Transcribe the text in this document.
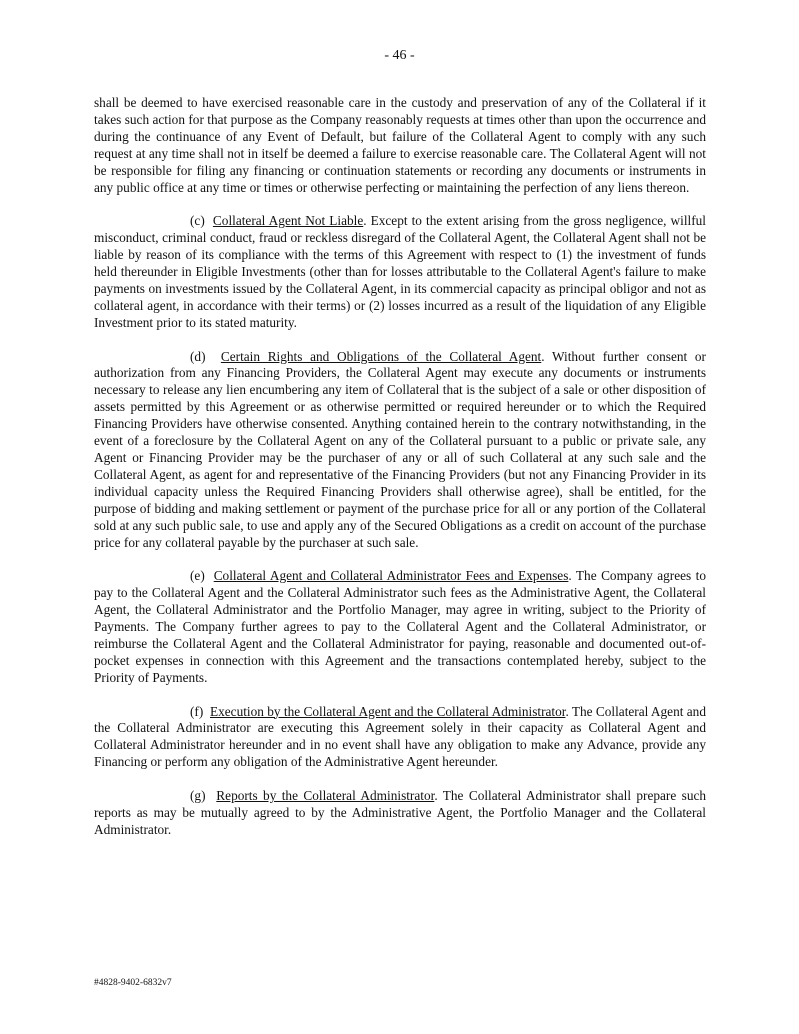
- 46 -

shall be deemed to have exercised reasonable care in the custody and preservation of any of the Collateral if it takes such action for that purpose as the Company reasonably requests at times other than upon the occurrence and during the continuance of any Event of Default, but failure of the Collateral Agent to comply with any such request at any time shall not in itself be deemed a failure to exercise reasonable care. The Collateral Agent will not be responsible for filing any financing or continuation statements or recording any documents or instruments in any public office at any time or times or otherwise perfecting or maintaining the perfection of any liens thereon.

(c) Collateral Agent Not Liable. Except to the extent arising from the gross negligence, willful misconduct, criminal conduct, fraud or reckless disregard of the Collateral Agent, the Collateral Agent shall not be liable by reason of its compliance with the terms of this Agreement with respect to (1) the investment of funds held thereunder in Eligible Investments (other than for losses attributable to the Collateral Agent's failure to make payments on investments issued by the Collateral Agent, in its commercial capacity as principal obligor and not as collateral agent, in accordance with their terms) or (2) losses incurred as a result of the liquidation of any Eligible Investment prior to its stated maturity.

(d) Certain Rights and Obligations of the Collateral Agent. Without further consent or authorization from any Financing Providers, the Collateral Agent may execute any documents or instruments necessary to release any lien encumbering any item of Collateral that is the subject of a sale or other disposition of assets permitted by this Agreement or as otherwise permitted or required hereunder or to which the Required Financing Providers have otherwise consented. Anything contained herein to the contrary notwithstanding, in the event of a foreclosure by the Collateral Agent on any of the Collateral pursuant to a public or private sale, any Agent or Financing Provider may be the purchaser of any or all of such Collateral at any such sale and the Collateral Agent, as agent for and representative of the Financing Providers (but not any Financing Provider in its individual capacity unless the Required Financing Providers shall otherwise agree), shall be entitled, for the purpose of bidding and making settlement or payment of the purchase price for all or any portion of the Collateral sold at any such public sale, to use and apply any of the Secured Obligations as a credit on account of the purchase price for any collateral payable by the purchaser at such sale.

(e) Collateral Agent and Collateral Administrator Fees and Expenses. The Company agrees to pay to the Collateral Agent and the Collateral Administrator such fees as the Administrative Agent, the Collateral Agent, the Collateral Administrator and the Portfolio Manager, may agree in writing, subject to the Priority of Payments. The Company further agrees to pay to the Collateral Agent and the Collateral Administrator, or reimburse the Collateral Agent and the Collateral Administrator for paying, reasonable and documented out-of-pocket expenses in connection with this Agreement and the transactions contemplated hereby, subject to the Priority of Payments.

(f) Execution by the Collateral Agent and the Collateral Administrator. The Collateral Agent and the Collateral Administrator are executing this Agreement solely in their capacity as Collateral Agent and Collateral Administrator hereunder and in no event shall have any obligation to make any Advance, provide any Financing or perform any obligation of the Administrative Agent hereunder.

(g) Reports by the Collateral Administrator. The Collateral Administrator shall prepare such reports as may be mutually agreed to by the Administrative Agent, the Portfolio Manager and the Collateral Administrator.

#4828-9402-6832v7
